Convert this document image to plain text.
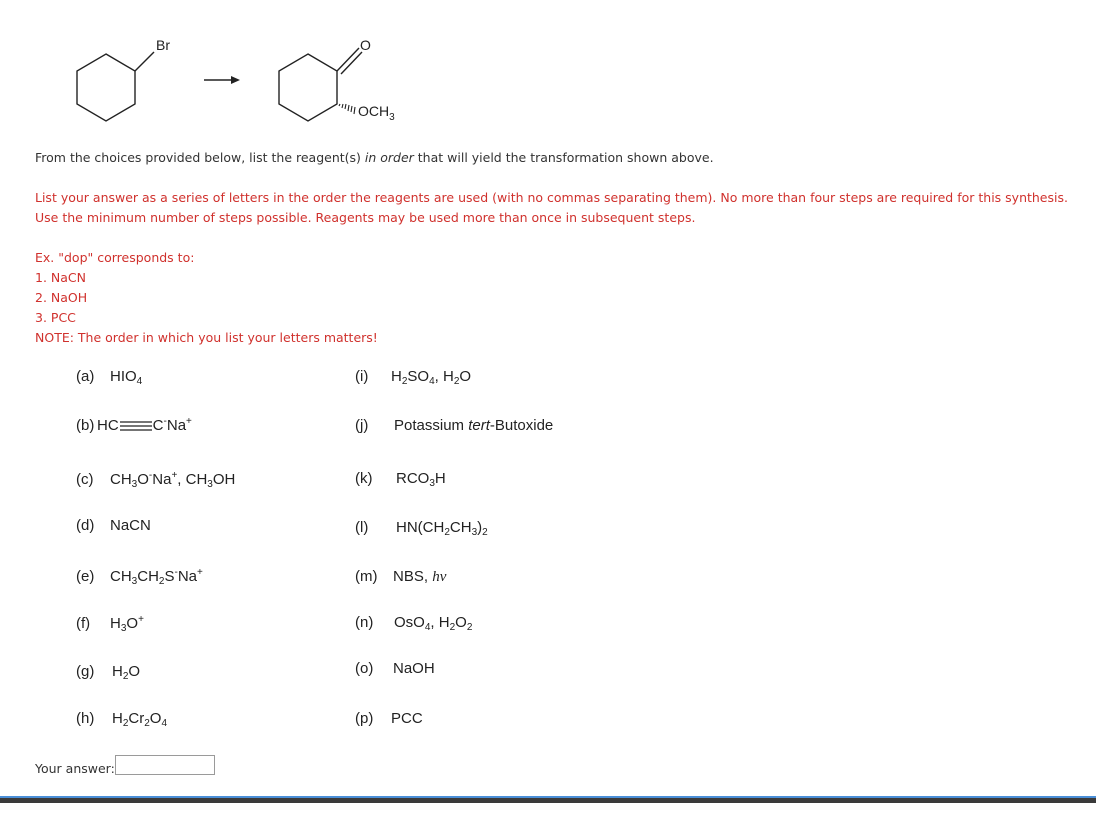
Br	O
$OCH_3$
From the choices provided below, list the reagent(s) in order that will yield the transformation shown above.
List your answer as a series of letters in the order the reagents are used (with no commas separating them). No more than four steps are required for this synthesis.
Use the minimum number of steps possible. Reagents may be used more than once in subsequent steps.
Ex. "dop" corresponds to:
1. NaCN
2. NaOH
3. PCC
NOTE: The order in which you list your letters matters!
(a) $HIO_4$
(b) HC C-Na+
(c) $CH_3O^-Na^+$, $CH_3OH$
(d) NaCN
(e) $CH_3CH_2S^-Na^+$
(f) $H_3O^+$
(g) $H_2O$
(h) $H_2Cr_2O_4$
(i) $H_2SO_4$, $H_2O$
(j) Potassium tert-Butoxide
(k) $RCO_3H$
(l) $HN(CH_2CH_3)_2$
(m) NBS, hν
(n) OsO$_4$, $H_2O_2$
(o) NaOH
(p) PCC
Your answer:
